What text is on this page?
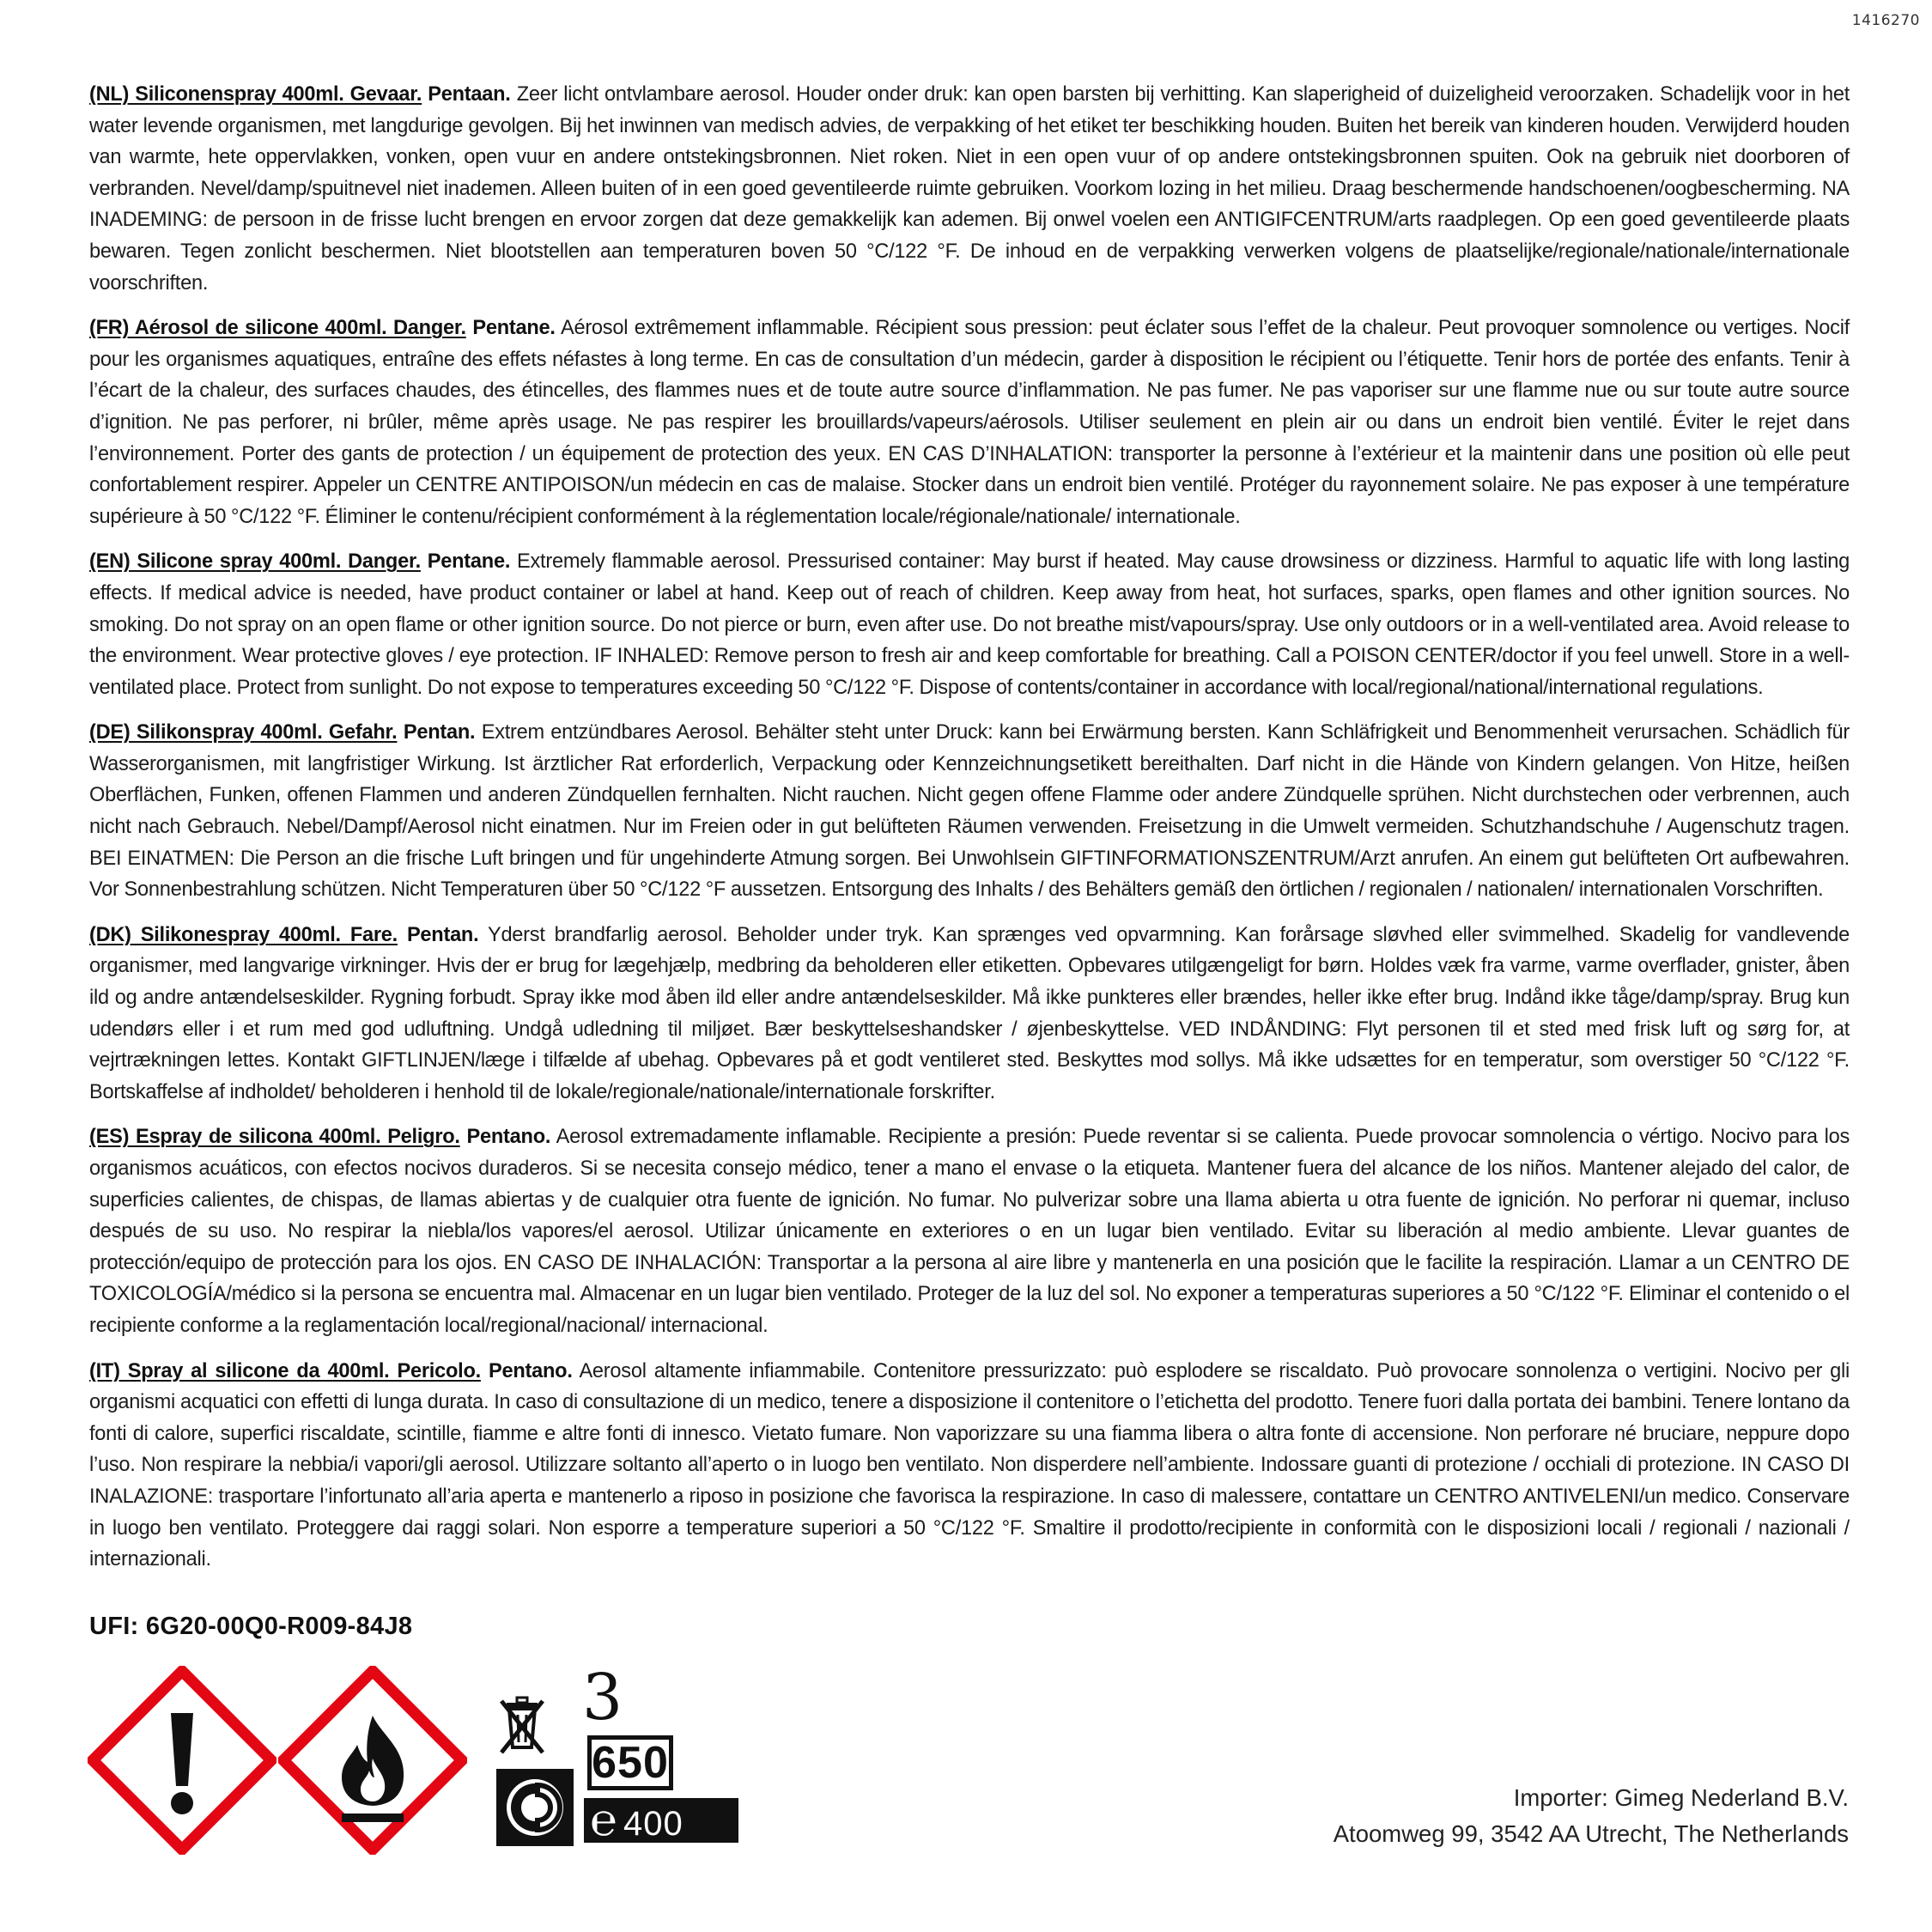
1416270

(NL) Siliconenspray 400ml. Gevaar. Pentaan. Zeer licht ontvlambare aerosol. Houder onder druk: kan open barsten bij verhitting. Kan slaperigheid of duizeligheid veroorzaken. Schadelijk voor in het water levende organismen, met langdurige gevolgen. Bij het inwinnen van medisch advies, de verpakking of het etiket ter beschikking houden. Buiten het bereik van kinderen houden. Verwijderd houden van warmte, hete oppervlakken, vonken, open vuur en andere ontstekingsbronnen. Niet roken. Niet in een open vuur of op andere ontstekingsbronnen spuiten. Ook na gebruik niet doorboren of verbranden. Nevel/damp/spuitnevel niet inademen. Alleen buiten of in een goed geventileerde ruimte gebruiken. Voorkom lozing in het milieu. Draag beschermende handschoenen/oogbescherming. NA INADEMING: de persoon in de frisse lucht brengen en ervoor zorgen dat deze gemakkelijk kan ademen. Bij onwel voelen een ANTIGIFCENTRUM/arts raadplegen. Op een goed geventileerde plaats bewaren. Tegen zonlicht beschermen. Niet blootstellen aan temperaturen boven 50 °C/122 °F. De inhoud en de verpakking verwerken volgens de plaatselijke/regionale/nationale/internationale voorschriften.

(FR) Aérosol de silicone 400ml. Danger. Pentane. Aérosol extrêmement inflammable. Récipient sous pression: peut éclater sous l’effet de la chaleur. Peut provoquer somnolence ou vertiges. Nocif pour les organismes aquatiques, entraîne des effets néfastes à long terme. En cas de consultation d’un médecin, garder à disposition le récipient ou l’étiquette. Tenir hors de portée des enfants. Tenir à l’écart de la chaleur, des surfaces chaudes, des étincelles, des flammes nues et de toute autre source d’inflammation. Ne pas fumer. Ne pas vaporiser sur une flamme nue ou sur toute autre source d’ignition. Ne pas perforer, ni brûler, même après usage. Ne pas respirer les brouillards/vapeurs/aérosols. Utiliser seulement en plein air ou dans un endroit bien ventilé. Éviter le rejet dans l’environnement. Porter des gants de protection / un équipement de protection des yeux. EN CAS D’INHALATION: transporter la personne à l’extérieur et la maintenir dans une position où elle peut confortablement respirer. Appeler un CENTRE ANTIPOISON/un médecin en cas de malaise. Stocker dans un endroit bien ventilé. Protéger du rayonnement solaire. Ne pas exposer à une température supérieure à 50 °C/122 °F. Éliminer le contenu/récipient conformément à la réglementation locale/régionale/nationale/ internationale.

(EN) Silicone spray 400ml. Danger. Pentane. Extremely flammable aerosol. Pressurised container: May burst if heated. May cause drowsiness or dizziness. Harmful to aquatic life with long lasting effects. If medical advice is needed, have product container or label at hand. Keep out of reach of children. Keep away from heat, hot surfaces, sparks, open flames and other ignition sources. No smoking. Do not spray on an open flame or other ignition source. Do not pierce or burn, even after use. Do not breathe mist/vapours/spray. Use only outdoors or in a well-ventilated area. Avoid release to the environment. Wear protective gloves / eye protection. IF INHALED: Remove person to fresh air and keep comfortable for breathing. Call a POISON CENTER/doctor if you feel unwell. Store in a well-ventilated place. Protect from sunlight. Do not expose to temperatures exceeding 50 °C/122 °F. Dispose of contents/container in accordance with local/regional/national/international regulations.

(DE) Silikonspray 400ml. Gefahr. Pentan. Extrem entzündbares Aerosol. Behälter steht unter Druck: kann bei Erwärmung bersten. Kann Schläfrigkeit und Benommenheit verursachen. Schädlich für Wasserorganismen, mit langfristiger Wirkung. Ist ärztlicher Rat erforderlich, Verpackung oder Kennzeichnungsetikett bereithalten. Darf nicht in die Hände von Kindern gelangen. Von Hitze, heißen Oberflächen, Funken, offenen Flammen und anderen Zündquellen fernhalten. Nicht rauchen. Nicht gegen offene Flamme oder andere Zündquelle sprühen. Nicht durchstechen oder verbrennen, auch nicht nach Gebrauch. Nebel/Dampf/Aerosol nicht einatmen. Nur im Freien oder in gut belüfteten Räumen verwenden. Freisetzung in die Umwelt vermeiden. Schutzhandschuhe / Augenschutz tragen. BEI EINATMEN: Die Person an die frische Luft bringen und für ungehinderte Atmung sorgen. Bei Unwohlsein GIFTINFORMATIONSZENTRUM/Arzt anrufen. An einem gut belüfteten Ort aufbewahren. Vor Sonnenbestrahlung schützen. Nicht Temperaturen über 50 °C/122 °F aussetzen. Entsorgung des Inhalts / des Behälters gemäß den örtlichen / regionalen / nationalen/ internationalen Vorschriften.

(DK) Silikonespray 400ml. Fare. Pentan. Yderst brandfarlig aerosol. Beholder under tryk. Kan sprænges ved opvarmning. Kan forårsage sløvhed eller svimmelhed. Skadelig for vandlevende organismer, med langvarige virkninger. Hvis der er brug for lægehjælp, medbring da beholderen eller etiketten. Opbevares utilgængeligt for børn. Holdes væk fra varme, varme overflader, gnister, åben ild og andre antændelseskilder. Rygning forbudt. Spray ikke mod åben ild eller andre antændelseskilder. Må ikke punkteres eller brændes, heller ikke efter brug. Indånd ikke tåge/damp/spray. Brug kun udendørs eller i et rum med god udluftning. Undgå udledning til miljøet. Bær beskyttelseshandsker / øjenbeskyttelse. VED INDÅNDING: Flyt personen til et sted med frisk luft og sørg for, at vejrtrækningen lettes. Kontakt GIFTLINJEN/læge i tilfælde af ubehag. Opbevares på et godt ventileret sted. Beskyttes mod sollys. Må ikke udsættes for en temperatur, som overstiger 50 °C/122 °F. Bortskaffelse af indholdet/ beholderen i henhold til de lokale/regionale/nationale/internationale forskrifter.

(ES) Espray de silicona 400ml. Peligro. Pentano. Aerosol extremadamente inflamable. Recipiente a presión: Puede reventar si se calienta. Puede provocar somnolencia o vértigo. Nocivo para los organismos acuáticos, con efectos nocivos duraderos. Si se necesita consejo médico, tener a mano el envase o la etiqueta. Mantener fuera del alcance de los niños. Mantener alejado del calor, de superficies calientes, de chispas, de llamas abiertas y de cualquier otra fuente de ignición. No fumar. No pulverizar sobre una llama abierta u otra fuente de ignición. No perforar ni quemar, incluso después de su uso. No respirar la niebla/los vapores/el aerosol. Utilizar únicamente en exteriores o en un lugar bien ventilado. Evitar su liberación al medio ambiente. Llevar guantes de protección/equipo de protección para los ojos. EN CASO DE INHALACIÓN: Transportar a la persona al aire libre y mantenerla en una posición que le facilite la respiración. Llamar a un CENTRO DE TOXICOLOGÍA/médico si la persona se encuentra mal. Almacenar en un lugar bien ventilado. Proteger de la luz del sol. No exponer a temperaturas superiores a 50 °C/122 °F. Eliminar el contenido o el recipiente conforme a la reglamentación local/regional/nacional/ internacional.

(IT) Spray al silicone da 400ml. Pericolo. Pentano. Aerosol altamente infiammabile. Contenitore pressurizzato: può esplodere se riscaldato. Può provocare sonnolenza o vertigini. Nocivo per gli organismi acquatici con effetti di lunga durata. In caso di consultazione di un medico, tenere a disposizione il contenitore o l’etichetta del prodotto. Tenere fuori dalla portata dei bambini. Tenere lontano da fonti di calore, superfici riscaldate, scintille, fiamme e altre fonti di innesco. Vietato fumare. Non vaporizzare su una fiamma libera o altra fonte di accensione. Non perforare né bruciare, neppure dopo l’uso. Non respirare la nebbia/i vapori/gli aerosol. Utilizzare soltanto all’aperto o in luogo ben ventilato. Non disperdere nell’ambiente. Indossare guanti di protezione / occhiali di protezione. IN CASO DI INALAZIONE: trasportare l’infortunato all’aria aperta e mantenerlo a riposo in posizione che favorisca la respirazione. In caso di malessere, contattare un CENTRO ANTIVELENI/un medico. Conservare in luogo ben ventilato. Proteggere dai raggi solari. Non esporre a temperature superiori a 50 °C/122 °F. Smaltire il prodotto/recipiente in conformità con le disposizioni locali / regionali / nazionali / internazionali.

UFI: 6G20-00Q0-R009-84J8
3
650
℮ 400 ML
Importer: Gimeg Nederland B.V.
Atoomweg 99, 3542 AA Utrecht, The Netherlands
